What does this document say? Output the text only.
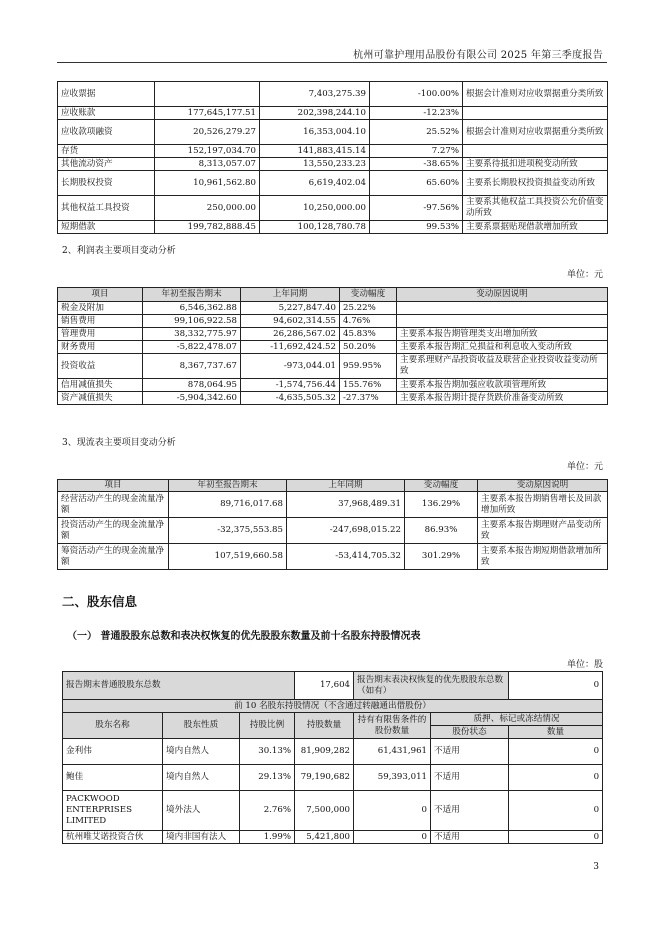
杭州可靠护理用品股份有限公司 2025 年第三季度报告
应收票据		7,403,275.39	-100.00%	根据会计准则对应收票据重分类所致
应收账款	177,645,177.51	202,398,244.10	-12.23%	
应收款项融资	20,526,279.27	16,353,004.10	25.52%	根据会计准则对应收票据重分类所致
存货	152,197,034.70	141,883,415.14	7.27%	
其他流动资产	8,313,057.07	13,550,233.23	-38.65%	主要系待抵扣进项税变动所致
长期股权投资	10,961,562.80	6,619,402.04	65.60%	主要系长期股权投资损益变动所致
其他权益工具投资	250,000.00	10,250,000.00	-97.56%	主要系其他权益工具投资公允价值变动所致
短期借款	199,782,888.45	100,128,780.78	99.53%	主要系票据贴现借款增加所致
2、利润表主要项目变动分析
单位：元
项目	年初至报告期末	上年同期	变动幅度	变动原因说明
税金及附加	6,546,362.88	5,227,847.40	25.22%	
销售费用	99,106,922.58	94,602,314.55	4.76%	
管理费用	38,332,775.97	26,286,567.02	45.83%	主要系本报告期管理类支出增加所致
财务费用	-5,822,478.07	-11,692,424.52	50.20%	主要系本报告期汇兑损益和利息收入变动所致
投资收益	8,367,737.67	-973,044.01	959.95%	主要系理财产品投资收益及联营企业投资收益变动所致
信用减值损失	878,064.95	-1,574,756.44	155.76%	主要系本报告期加强应收款项管理所致
资产减值损失	-5,904,342.60	-4,635,505.32	-27.37%	主要系本报告期计提存货跌价准备变动所致
3、现流表主要项目变动分析
单位：元
项目	年初至报告期末	上年同期	变动幅度	变动原因说明
经营活动产生的现金流量净额	89,716,017.68	37,968,489.31	136.29%	主要系本报告期销售增长及回款增加所致
投资活动产生的现金流量净额	-32,375,553.85	-247,698,015.22	86.93%	主要系本报告期理财产品变动所致
筹资活动产生的现金流量净额	107,519,660.58	-53,414,705.32	301.29%	主要系本报告期短期借款增加所致
二、股东信息
（一） 普通股股东总数和表决权恢复的优先股股东数量及前十名股东持股情况表
单位：股
报告期末普通股股东总数			17,604	报告期末表决权恢复的优先股股东总数（如有）		0
前 10 名股东持股情况（不含通过转融通出借股份）						
股东名称	股东性质	持股比例	持股数量	持有有限售条件的股份数量	质押、标记或冻结情况	
					股份状态	数量
金利伟	境内自然人	30.13%	81,909,282	61,431,961	不适用	0
鲍佳	境内自然人	29.13%	79,190,682	59,393,011	不适用	0
PACKWOOD ENTERPRISES LIMITED	境外法人	2.76%	7,500,000	0	不适用	0
杭州唯艾诺投资合伙	境内非国有法人	1.99%	5,421,800	0	不适用	0
3
